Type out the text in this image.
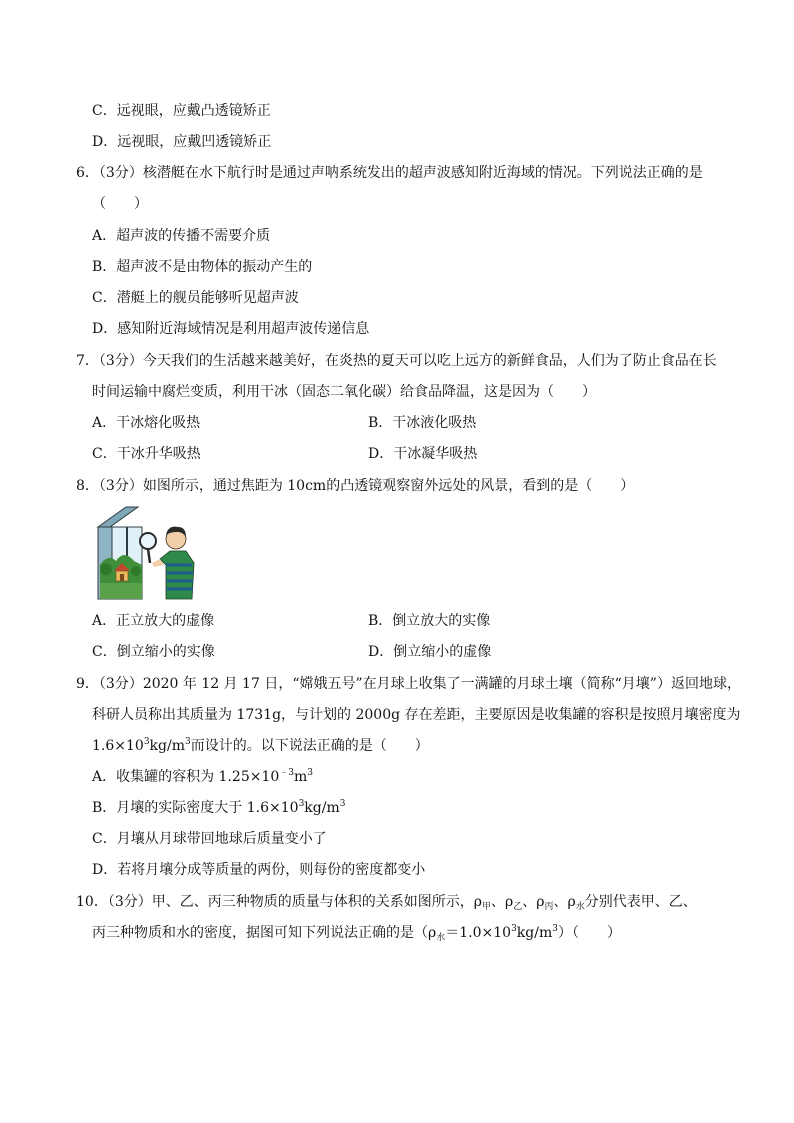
C．远视眼，应戴凸透镜矫正
D．远视眼，应戴凹透镜矫正
6．（3分）核潜艇在水下航行时是通过声呐系统发出的超声波感知附近海域的情况。下列说法正确的是
（　　）
A．超声波的传播不需要介质
B．超声波不是由物体的振动产生的
C．潜艇上的舰员能够听见超声波
D．感知附近海域情况是利用超声波传递信息
7．（3分）今天我们的生活越来越美好，在炎热的夏天可以吃上远方的新鲜食品，人们为了防止食品在长
时间运输中腐烂变质，利用干冰（固态二氧化碳）给食品降温，这是因为（　　）
A．干冰熔化吸热	B．干冰液化吸热
C．干冰升华吸热	D．干冰凝华吸热
8．（3分）如图所示，通过焦距为 10cm的凸透镜观察窗外远处的风景，看到的是（　　）
A．正立放大的虚像	B．倒立放大的实像
C．倒立缩小的实像	D．倒立缩小的虚像
9．（3分）2020 年 12 月 17 日，“嫦娥五号”在月球上收集了一满罐的月球土壤（简称“月壤”）返回地球，
科研人员称出其质量为 1731g，与计划的 2000g 存在差距，主要原因是收集罐的容积是按照月壤密度为
$1.6\times 10^3kg/m^3$而设计的。以下说法正确的是（　　）
A．收集罐的容积为 $1.25\times 10^{﹣3}m^3$
B．月壤的实际密度大于 $1.6\times 10^3kg/m^3$
C．月壤从月球带回地球后质量变小了
D．若将月壤分成等质量的两份，则每份的密度都变小
10．（3分）甲、乙、丙三种物质的质量与体积的关系如图所示，$\rho_甲$、$\rho_乙$、$\rho_丙$、$\rho_水$分别代表甲、乙、
丙三种物质和水的密度，据图可知下列说法正确的是$(\rho_水=1.0\times 10^3kg/m^3)$（　　）
